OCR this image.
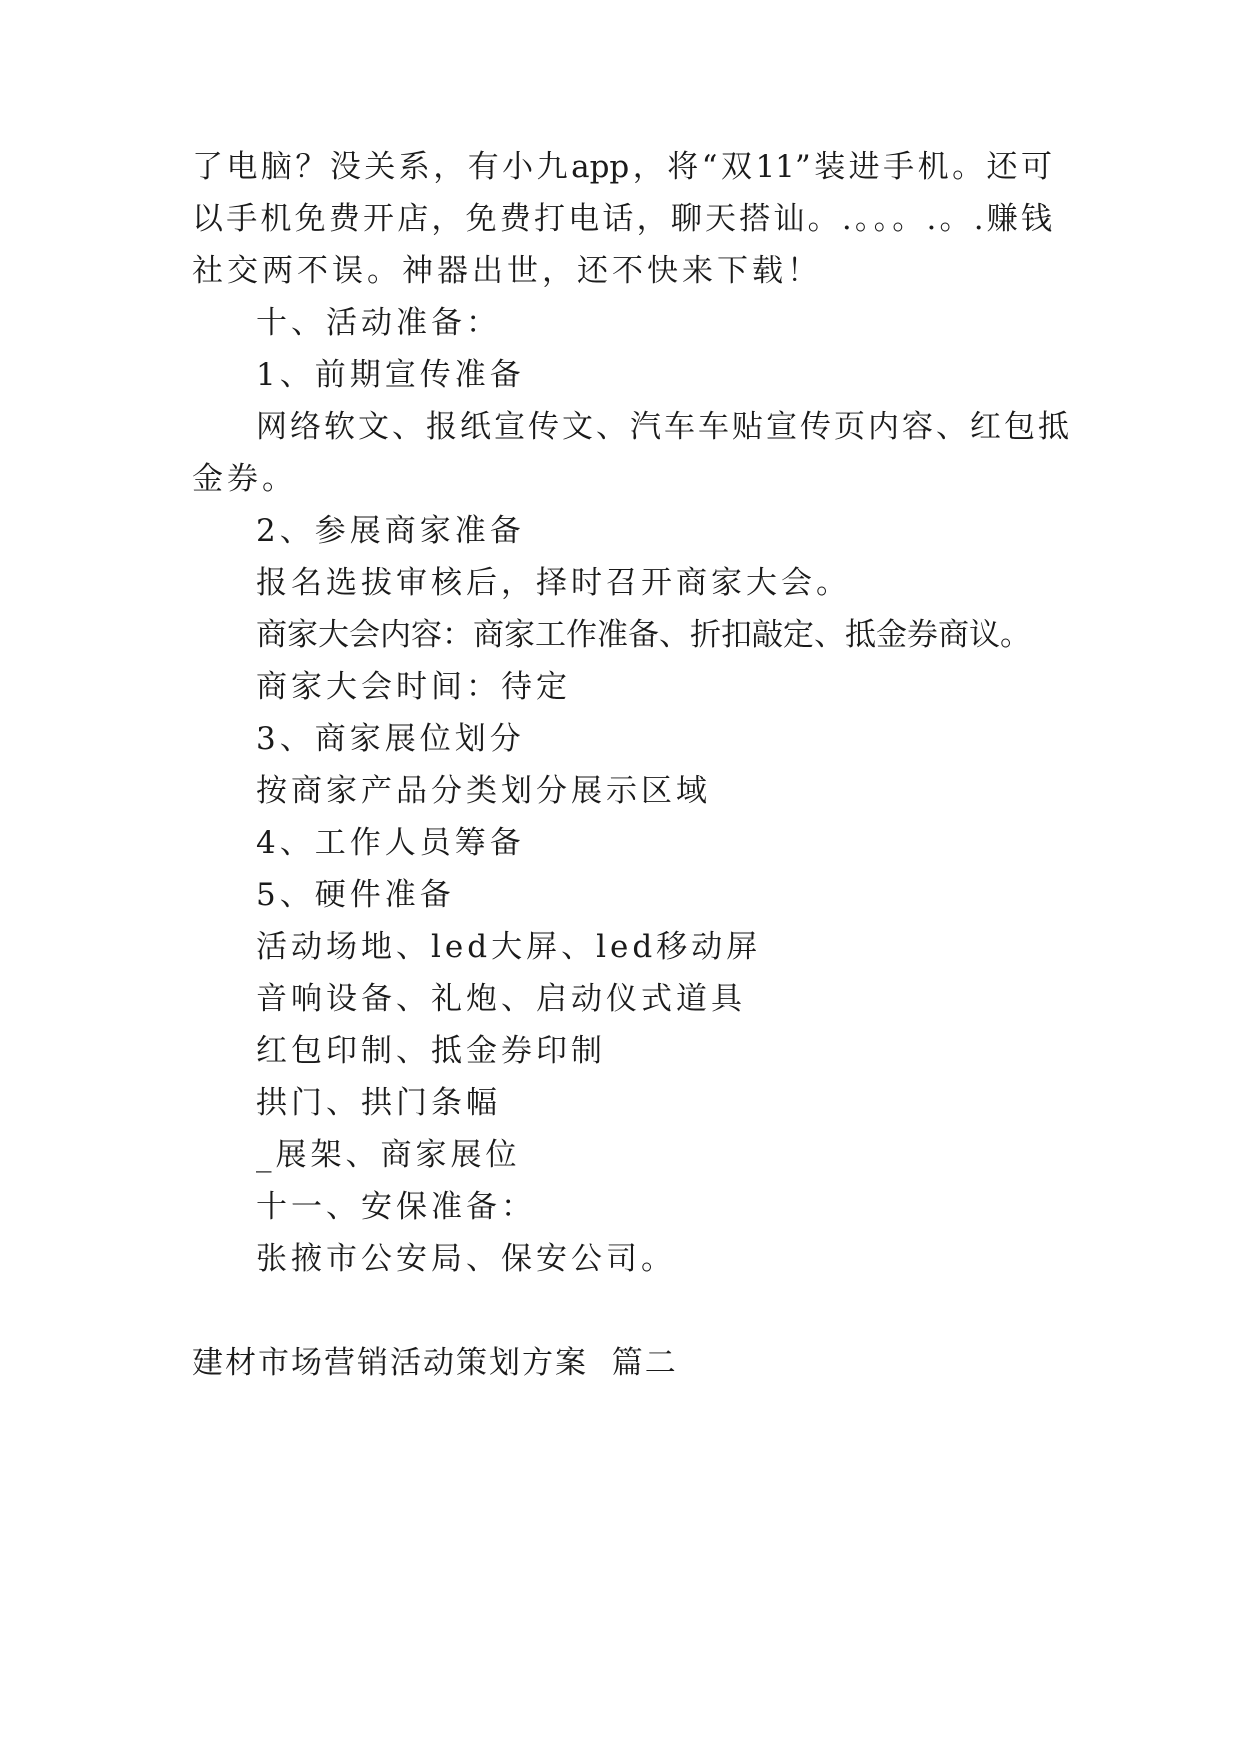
了电脑？没关系，有小九app，将“双11”装进手机。还可
以手机免费开店，免费打电话，聊天搭讪。.。。。.。.赚钱
社交两不误。神器出世，还不快来下载！
十、活动准备：
1、前期宣传准备
网络软文、报纸宣传文、汽车车贴宣传页内容、红包抵
金券。
2、参展商家准备
报名选拔审核后，择时召开商家大会。
商家大会内容：商家工作准备、折扣敲定、抵金券商议。
商家大会时间：待定
3、商家展位划分
按商家产品分类划分展示区域
4、工作人员筹备
5、硬件准备
活动场地、led大屏、led移动屏
音响设备、礼炮、启动仪式道具
红包印制、抵金券印制
拱门、拱门条幅
_展架、商家展位
十一、安保准备：
张掖市公安局、保安公司。
建材市场营销活动策划方案  篇二
